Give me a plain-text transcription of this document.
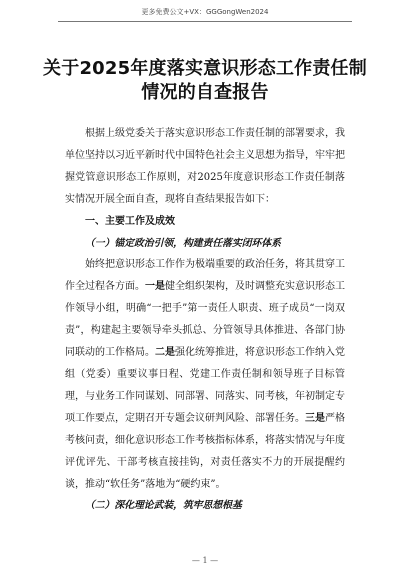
更多免费公文+VX：GGGongWen2024
关于2025年度落实意识形态工作责任制
情况的自查报告

根据上级党委关于落实意识形态工作责任制的部署要求，我单位坚持以习近平新时代中国特色社会主义思想为指导，牢牢把握党管意识形态工作原则，对2025年度意识形态工作责任制落实情况开展全面自查，现将自查结果报告如下：

一、主要工作及成效
（一）锚定政治引领，构建责任落实闭环体系

始终把意识形态工作作为极端重要的政治任务，将其贯穿工作全过程各方面。一是健全组织架构，及时调整充实意识形态工作领导小组，明确“一把手”第一责任人职责、班子成员“一岗双责”，构建起主要领导牵头抓总、分管领导具体推进、各部门协同联动的工作格局。二是强化统筹推进，将意识形态工作纳入党组（党委）重要议事日程、党建工作责任制和领导班子目标管理，与业务工作同谋划、同部署、同落实、同考核，年初制定专项工作要点，定期召开专题会议研判风险、部署任务。三是严格考核问责，细化意识形态工作考核指标体系，将落实情况与年度评优评先、干部考核直接挂钩，对责任落实不力的开展提醒约谈，推动“软任务”落地为“硬约束”。

（二）深化理论武装，筑牢思想根基
— 1 —
